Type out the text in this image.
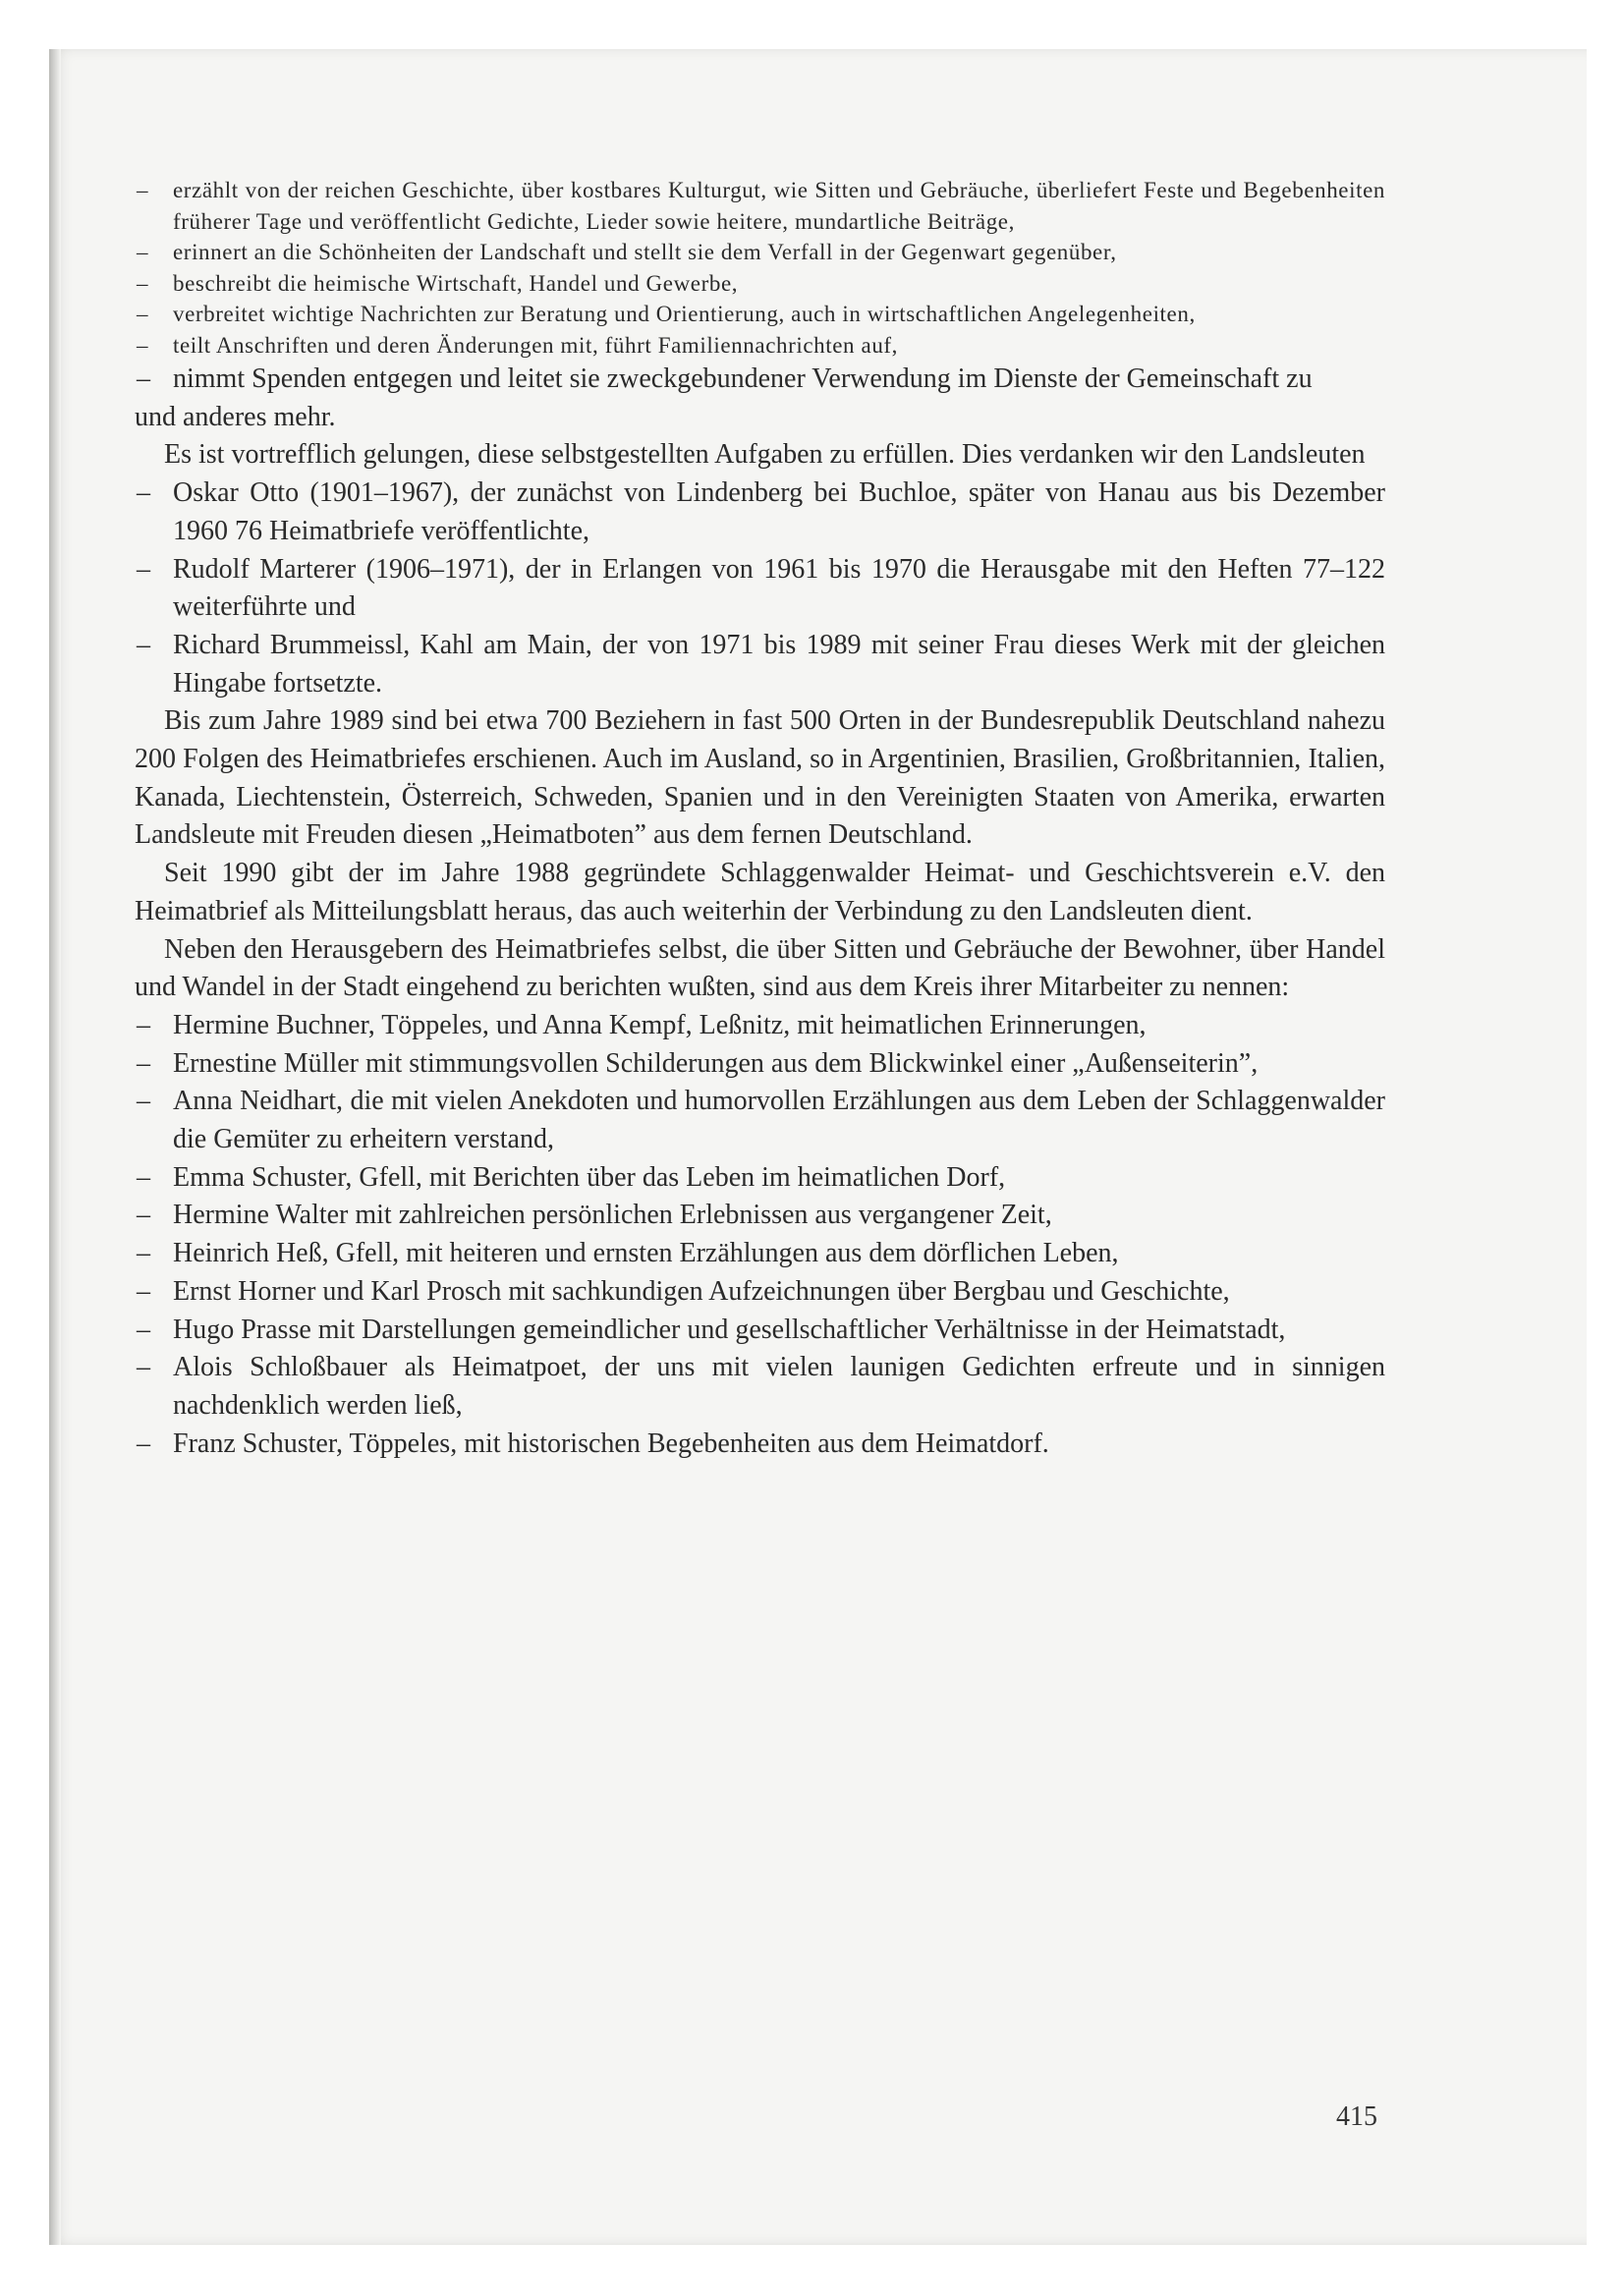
– erzählt von der reichen Geschichte, über kostbares Kulturgut, wie Sitten und Gebräuche, überliefert Feste und Begebenheiten früherer Tage und veröffentlicht Gedichte, Lieder sowie heitere, mundartliche Beiträge,
– erinnert an die Schönheiten der Landschaft und stellt sie dem Verfall in der Gegenwart gegenüber,
– beschreibt die heimische Wirtschaft, Handel und Gewerbe,
– verbreitet wichtige Nachrichten zur Beratung und Orientierung, auch in wirtschaftlichen Angelegenheiten,
– teilt Anschriften und deren Änderungen mit, führt Familiennachrichten auf,
– nimmt Spenden entgegen und leitet sie zweckgebundener Verwendung im Dienste der Gemeinschaft zu
und anderes mehr.
Es ist vortrefflich gelungen, diese selbstgestellten Aufgaben zu erfüllen. Dies verdanken wir den Landsleuten
– Oskar Otto (1901–1967), der zunächst von Lindenberg bei Buchloe, später von Hanau aus bis Dezember 1960 76 Heimatbriefe veröffentlichte,
– Rudolf Marterer (1906–1971), der in Erlangen von 1961 bis 1970 die Herausgabe mit den Heften 77–122 weiterführte und
– Richard Brummeissl, Kahl am Main, der von 1971 bis 1989 mit seiner Frau dieses Werk mit der gleichen Hingabe fortsetzte.
Bis zum Jahre 1989 sind bei etwa 700 Beziehern in fast 500 Orten in der Bundesrepublik Deutschland nahezu 200 Folgen des Heimatbriefes erschienen. Auch im Ausland, so in Argentinien, Brasilien, Großbritannien, Italien, Kanada, Liechtenstein, Österreich, Schweden, Spanien und in den Vereinigten Staaten von Amerika, erwarten Landsleute mit Freuden diesen „Heimatboten” aus dem fernen Deutschland.
Seit 1990 gibt der im Jahre 1988 gegründete Schlaggenwalder Heimat- und Geschichtsverein e.V. den Heimatbrief als Mitteilungsblatt heraus, das auch weiterhin der Verbindung zu den Landsleuten dient.
Neben den Herausgebern des Heimatbriefes selbst, die über Sitten und Gebräuche der Bewohner, über Handel und Wandel in der Stadt eingehend zu berichten wußten, sind aus dem Kreis ihrer Mitarbeiter zu nennen:
– Hermine Buchner, Töppeles, und Anna Kempf, Leßnitz, mit heimatlichen Erinnerungen,
– Ernestine Müller mit stimmungsvollen Schilderungen aus dem Blickwinkel einer „Außenseiterin”,
– Anna Neidhart, die mit vielen Anekdoten und humorvollen Erzählungen aus dem Leben der Schlaggenwalder die Gemüter zu erheitern verstand,
– Emma Schuster, Gfell, mit Berichten über das Leben im heimatlichen Dorf,
– Hermine Walter mit zahlreichen persönlichen Erlebnissen aus vergangener Zeit,
– Heinrich Heß, Gfell, mit heiteren und ernsten Erzählungen aus dem dörflichen Leben,
– Ernst Horner und Karl Prosch mit sachkundigen Aufzeichnungen über Bergbau und Geschichte,
– Hugo Prasse mit Darstellungen gemeindlicher und gesellschaftlicher Verhältnisse in der Heimatstadt,
– Alois Schloßbauer als Heimatpoet, der uns mit vielen launigen Gedichten erfreute und in sinnigen nachdenklich werden ließ,
– Franz Schuster, Töppeles, mit historischen Begebenheiten aus dem Heimatdorf.
415
